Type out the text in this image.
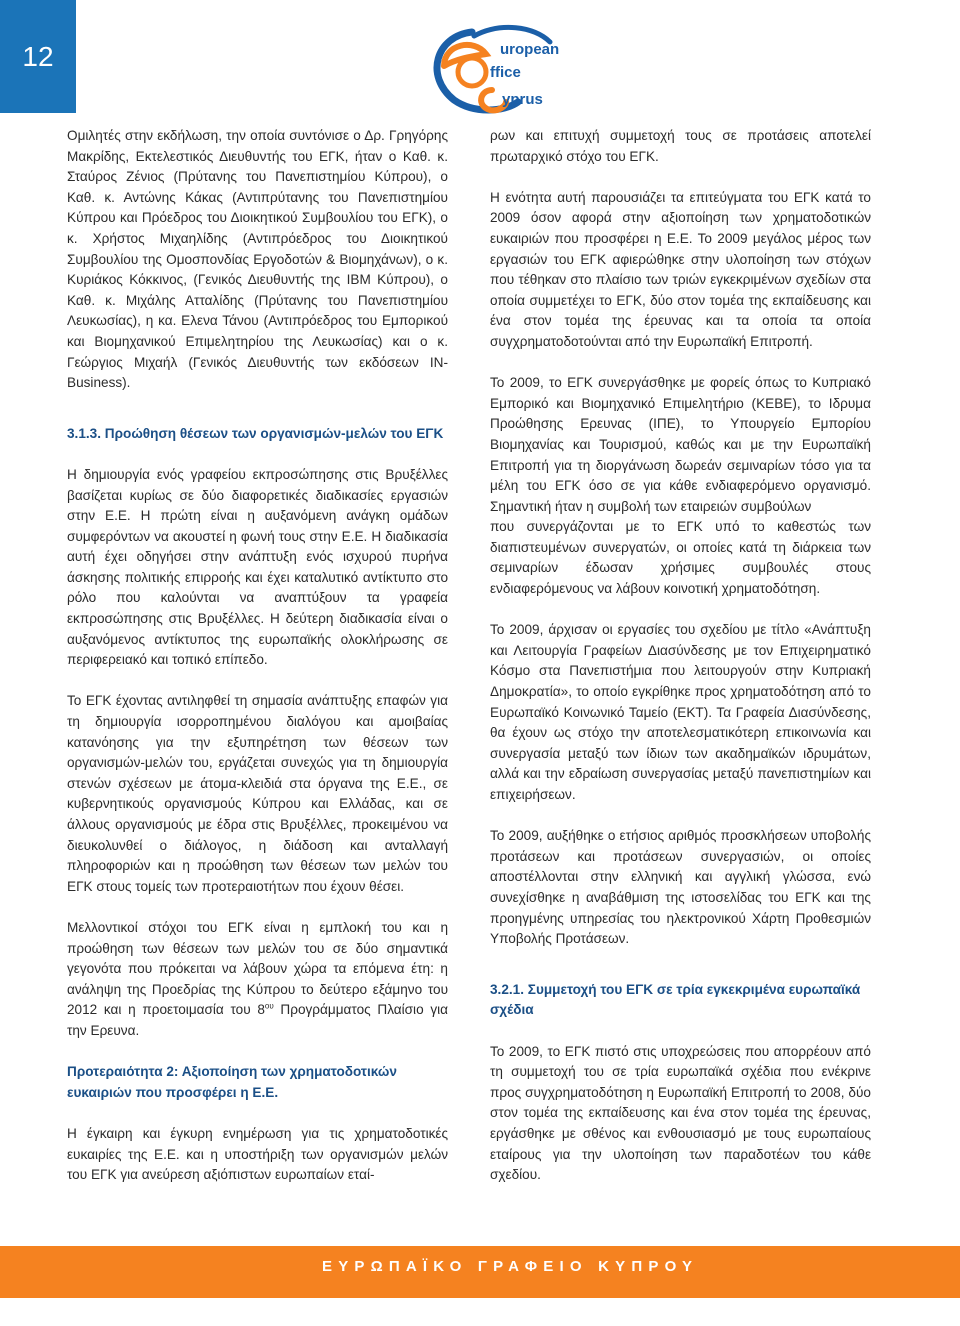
12	uropean
ffice
yprus

Ομιλητές στην εκδήλωση, την οποία συντόνισε ο Δρ. Γρηγόρης Μακρίδης, Εκτελεστικός Διευθυντής του ΕΓΚ, ήταν ο Καθ. κ. Σταύρος Ζένιος (Πρύτανης του Πανεπιστημίου Κύπρου), ο Καθ. κ. Αντώνης Κάκας (Αντιπρύτανης του Πανεπιστημίου Κύπρου και Πρόεδρος του Διοικητικού Συμβουλίου του ΕΓΚ), ο κ. Χρήστος Μιχαηλίδης (Αντιπρόεδρος του Διοικητικού Συμβουλίου της Ομοσπονδίας Εργοδοτών & Βιομηχάνων), ο κ. Κυριάκος Κόκκινος, (Γενικός Διευθυντής της ΙΒΜ Κύπρου), ο Καθ. κ. Μιχάλης Ατταλίδης (Πρύτανης του Πανεπιστημίου Λευκωσίας), η κα. Ελενα Τάνου (Αντιπρόεδρος του Εμπορικού και Βιομηχανικού Επιμελητηρίου της Λευκωσίας) και ο κ. Γεώργιος Μιχαήλ (Γενικός Διευθυντής των εκδόσεων ΙΝ-Business).

3.1.3. Προώθηση θέσεων των οργανισμών-μελών του ΕΓΚ

Η δημιουργία ενός γραφείου εκπροσώπησης στις Βρυξέλλες βασίζεται κυρίως σε δύο διαφορετικές διαδικασίες εργασιών στην Ε.Ε. Η πρώτη είναι η αυξανόμενη ανάγκη ομάδων συμφερόντων να ακουστεί η φωνή τους στην Ε.Ε. Η διαδικασία αυτή έχει οδηγήσει στην ανάπτυξη ενός ισχυρού πυρήνα άσκησης πολιτικής επιρροής και έχει καταλυτικό αντίκτυπο στο ρόλο που καλούνται να αναπτύξουν τα γραφεία εκπροσώπησης στις Βρυξέλλες. Η δεύτερη διαδικασία είναι ο αυξανόμενος αντίκτυπος της ευρωπαϊκής ολοκλήρωσης σε περιφερειακό και τοπικό επίπεδο.

Το ΕΓΚ έχοντας αντιληφθεί τη σημασία ανάπτυξης επαφών για τη δημιουργία ισορροπημένου διαλόγου και αμοιβαίας κατανόησης για την εξυπηρέτηση των θέσεων των οργανισμών-μελών του, εργάζεται συνεχώς για τη δημιουργία στενών σχέσεων με άτομα-κλειδιά στα όργανα της Ε.Ε., σε κυβερνητικούς οργανισμούς Κύπρου και Ελλάδας, και σε άλλους οργανισμούς με έδρα στις Βρυξέλλες, προκειμένου να διευκολυνθεί ο διάλογος, η διάδοση και ανταλλαγή πληροφοριών και η προώθηση των θέσεων των μελών του ΕΓΚ στους τομείς των προτεραιοτήτων που έχουν θέσει.

Μελλοντικοί στόχοι του ΕΓΚ είναι η εμπλοκή του και η προώθηση των θέσεων των μελών του σε δύο σημαντικά γεγονότα που πρόκειται να λάβουν χώρα τα επόμενα έτη: η ανάληψη της Προεδρίας της Κύπρου το δεύτερο εξάμηνο του 2012 και η προετοιμασία του $8^{o\upsilon}$ Προγράμματος Πλαίσιο για την Ερευνα.

Προτεραιότητα 2: Αξιοποίηση των χρηματοδοτικών ευκαιριών που προσφέρει η Ε.Ε.

Η έγκαιρη και έγκυρη ενημέρωση για τις χρηματοδοτικές ευκαιρίες της Ε.Ε. και η υποστήριξη των οργανισμών μελών του ΕΓΚ για ανεύρεση αξιόπιστων ευρωπαίων εταί-

ρων και επιτυχή συμμετοχή τους σε προτάσεις αποτελεί πρωταρχικό στόχο του ΕΓΚ.

Η ενότητα αυτή παρουσιάζει τα επιτεύγματα του ΕΓΚ κατά το 2009 όσον αφορά στην αξιοποίηση των χρηματοδοτικών ευκαιριών που προσφέρει η Ε.Ε. Το 2009 μεγάλος μέρος των εργασιών του ΕΓΚ αφιερώθηκε στην υλοποίηση των στόχων που τέθηκαν στο πλαίσιο των τριών εγκεκριμένων σχεδίων στα οποία συμμετέχει το ΕΓΚ, δύο στον τομέα της εκπαίδευσης και ένα στον τομέα της έρευνας και τα οποία τα οποία συγχρηματοδοτούνται από την Ευρωπαϊκή Επιτροπή.

Το 2009, το ΕΓΚ συνεργάσθηκε με φορείς όπως το Κυπριακό Εμπορικό και Βιομηχανικό Επιμελητήριο (ΚΕΒΕ), το Ιδρυμα Προώθησης Ερευνας (ΙΠΕ), το Υπουργείο Εμπορίου Βιομηχανίας και Τουρισμού, καθώς και με την Ευρωπαϊκή Επιτροπή για τη διοργάνωση δωρεάν σεμιναρίων τόσο για τα μέλη του ΕΓΚ όσο σε για κάθε ενδιαφερόμενο οργανισμό. Σημαντική ήταν η συμβολή των εταιρειών συμβούλων

που συνεργάζονται με το ΕΓΚ υπό το καθεστώς των διαπιστευμένων συνεργατών, οι οποίες κατά τη διάρκεια των σεμιναρίων έδωσαν χρήσιμες συμβουλές στους ενδιαφερόμενους να λάβουν κοινοτική χρηματοδότηση.

Το 2009, άρχισαν οι εργασίες του σχεδίου με τίτλο «Ανάπτυξη και Λειτουργία Γραφείων Διασύνδεσης με τον Επιχειρηματικό Κόσμο στα Πανεπιστήμια που λειτουργούν στην Κυπριακή Δημοκρατία», το οποίο εγκρίθηκε προς χρηματοδότηση από το Ευρωπαϊκό Κοινωνικό Ταμείο (ΕΚΤ). Τα Γραφεία Διασύνδεσης, θα έχουν ως στόχο την αποτελεσματικότερη επικοινωνία και συνεργασία μεταξύ των ίδιων των ακαδημαϊκών ιδρυμάτων, αλλά και την εδραίωση συνεργασίας μεταξύ πανεπιστημίων και επιχειρήσεων.

Το 2009, αυξήθηκε ο ετήσιος αριθμός προσκλήσεων υποβολής προτάσεων και προτάσεων συνεργασιών, οι οποίες αποστέλλονται στην ελληνική και αγγλική γλώσσα, ενώ συνεχίσθηκε η αναβάθμιση της ιστοσελίδας του ΕΓΚ και της προηγμένης υπηρεσίας του ηλεκτρονικού Χάρτη Προθεσμιών Υποβολής Προτάσεων.

3.2.1. Συμμετοχή του ΕΓΚ σε τρία εγκεκριμένα ευρωπαϊκά σχέδια

Το 2009, το ΕΓΚ πιστό στις υποχρεώσεις που απορρέουν από τη συμμετοχή του σε τρία ευρωπαϊκά σχέδια που ενέκρινε προς συγχρηματοδότηση η Ευρωπαϊκή Επιτροπή το 2008, δύο στον τομέα της εκπαίδευσης και ένα στον τομέα της έρευνας, εργάσθηκε με σθένος και ενθουσιασμό με τους ευρωπαίους εταίρους για την υλοποίηση των παραδοτέων του κάθε σχεδίου.

ΕΥΡΩΠΑΪΚΟ ΓΡΑΦΕΙΟ ΚΥΠΡΟΥ
